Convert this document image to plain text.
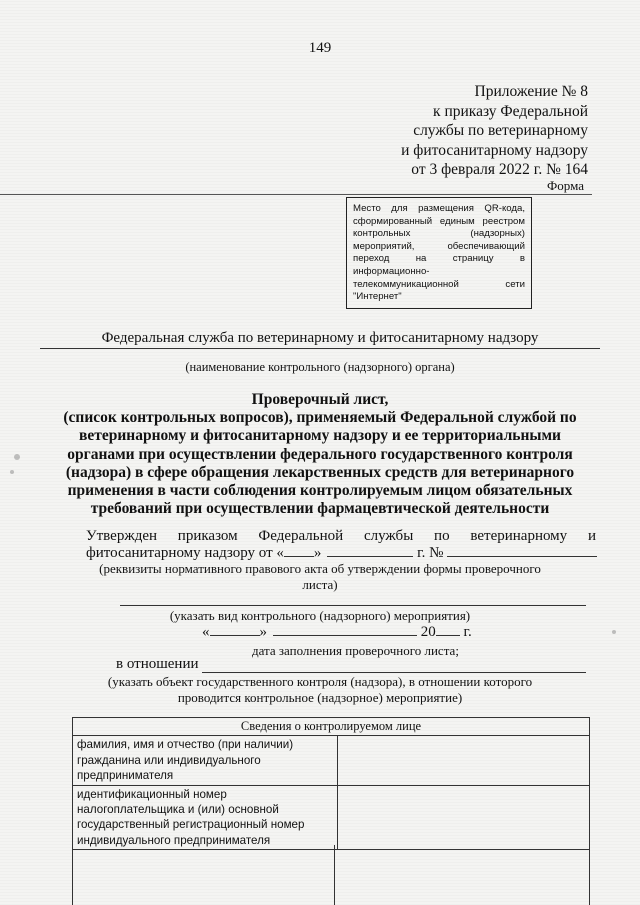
149
Приложение № 8
к приказу Федеральной
службы по ветеринарному
и фитосанитарному надзору
от 3 февраля 2022 г. № 164
Форма
Место для размещения QR-кода, сформированный единым реестром контрольных (надзорных) мероприятий, обеспечивающий переход на страницу в информационно-телекоммуникационной сети "Интернет"
Федеральная служба по ветеринарному и фитосанитарному надзору
(наименование контрольного (надзорного) органа)
Проверочный лист,
(список контрольных вопросов), применяемый Федеральной службой по
ветеринарному и фитосанитарному надзору и ее территориальными
органами при осуществлении федерального государственного контроля
(надзора) в сфере обращения лекарственных средств для ветеринарного
применения в части соблюдения контролируемым лицом обязательных
требований при осуществлении фармацевтической деятельности
Утвержден приказом Федеральной службы по ветеринарному и
фитосанитарному надзору от « »	г. №
(реквизиты нормативного правового акта об утверждении формы проверочного
листа)
(указать вид контрольного (надзорного) мероприятия)
«	»	20 г.
дата заполнения проверочного листа;
в отношении
(указать объект государственного контроля (надзора), в отношении которого
проводится контрольное (надзорное) мероприятие)
Сведения о контролируемом лице	
фамилия, имя и отчество (при наличии) гражданина или индивидуального предпринимателя	
идентификационный номер налогоплательщика и (или) основной государственный регистрационный номер индивидуального предпринимателя	
